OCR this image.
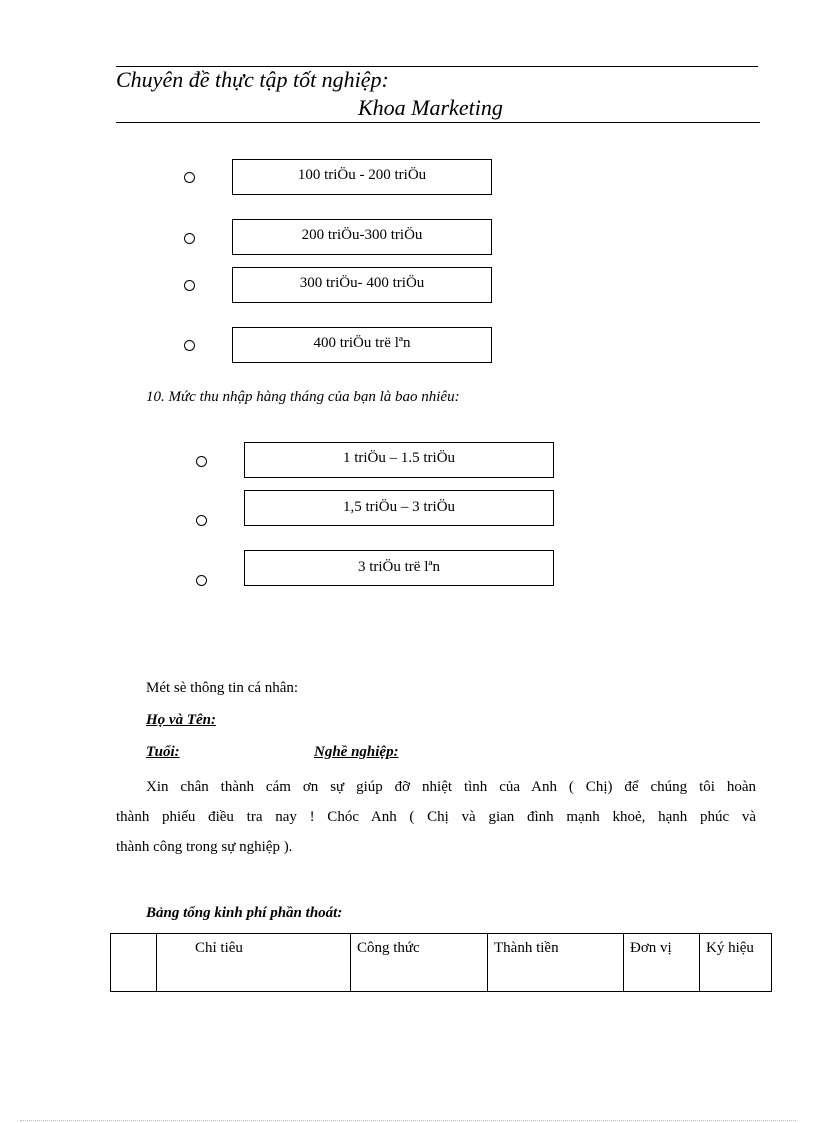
Chuyên đề thực tập tốt nghiệp:
Khoa Marketing
100 triÖu - 200 triÖu
200 triÖu-300 triÖu
300 triÖu- 400 triÖu
400 triÖu trë lªn
10. Mức thu nhập hàng tháng của bạn là bao nhiêu:
1 triÖu – 1.5 triÖu
1,5 triÖu – 3 triÖu
3 triÖu trë lªn
Mét sè thông tin cá nhân:
Họ và Tên:
Tuổi:	Nghề nghiệp:
Xin chân thành cám ơn sự giúp đỡ nhiệt tình của Anh ( Chị) để chúng tôi hoàn
thành phiếu điều tra nay ! Chóc Anh ( Chị và gian đình mạnh khoẻ, hạnh phúc và
thành công trong sự nghiệp ).
Bảng tổng kinh phí phần thoát:
	Chỉ tiêu	Công thức	Thành tiền	Đơn vị	Ký hiệu
